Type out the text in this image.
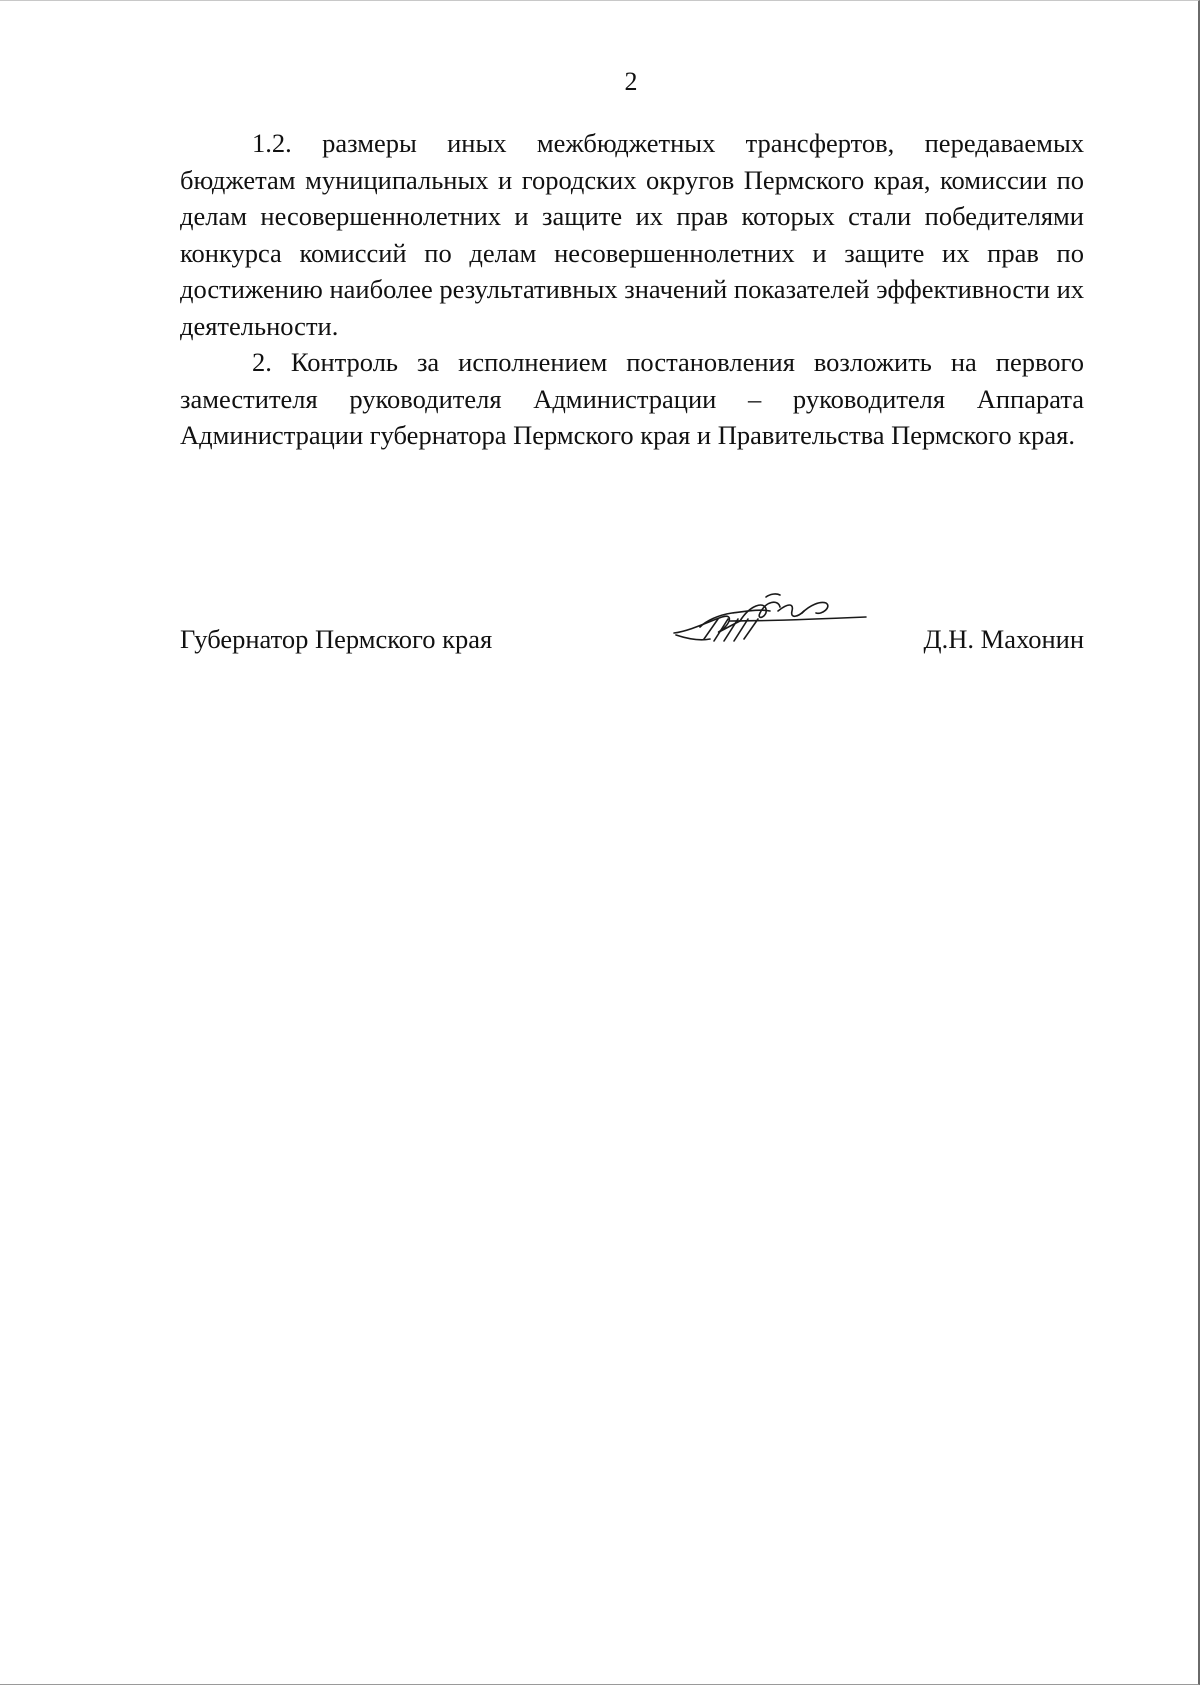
2

1.2. размеры иных межбюджетных трансфертов, передаваемых бюджетам муниципальных и городских округов Пермского края, комиссии по делам несовершеннолетних и защите их прав которых стали победителями конкурса комиссий по делам несовершеннолетних и защите их прав по достижению наиболее результативных значений показателей эффективности их деятельности.

2. Контроль за исполнением постановления возложить на первого заместителя руководителя Администрации – руководителя Аппарата Администрации губернатора Пермского края и Правительства Пермского края.

Губернатор Пермского края	Д.Н. Махонин
